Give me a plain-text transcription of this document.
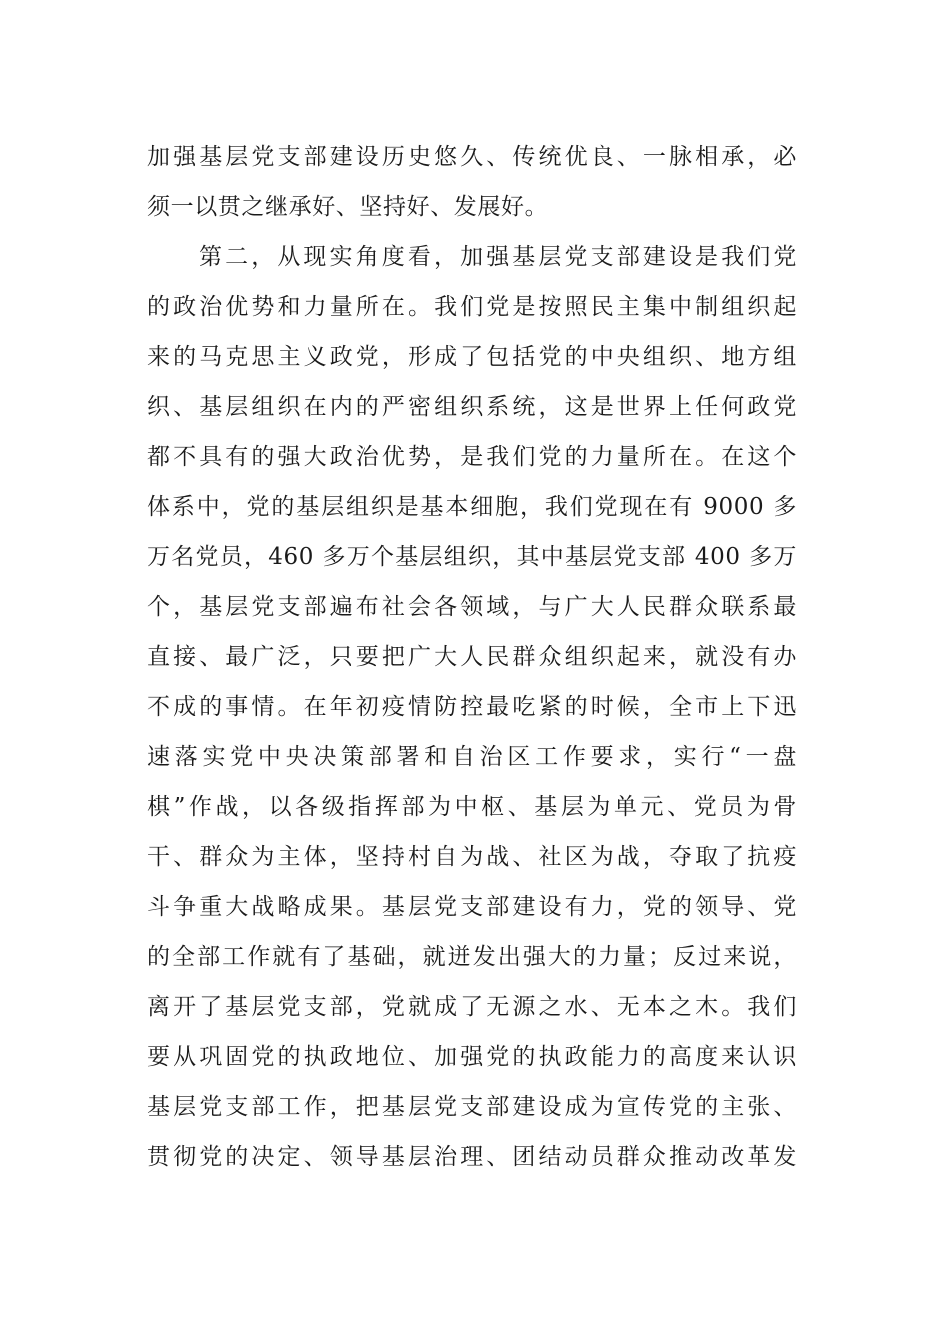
加强基层党支部建设历史悠久、传统优良、一脉相承，必
须一以贯之继承好、坚持好、发展好。
第二，从现实角度看，加强基层党支部建设是我们党
的政治优势和力量所在。我们党是按照民主集中制组织起
来的马克思主义政党，形成了包括党的中央组织、地方组
织、基层组织在内的严密组织系统，这是世界上任何政党
都不具有的强大政治优势，是我们党的力量所在。在这个
体系中，党的基层组织是基本细胞，我们党现在有 9000 多
万名党员，460 多万个基层组织，其中基层党支部 400 多万
个，基层党支部遍布社会各领域，与广大人民群众联系最
直接、最广泛，只要把广大人民群众组织起来，就没有办
不成的事情。在年初疫情防控最吃紧的时候，全市上下迅
速落实党中央决策部署和自治区工作要求，实行“一盘
棋”作战，以各级指挥部为中枢、基层为单元、党员为骨
干、群众为主体，坚持村自为战、社区为战，夺取了抗疫
斗争重大战略成果。基层党支部建设有力，党的领导、党
的全部工作就有了基础，就迸发出强大的力量；反过来说，
离开了基层党支部，党就成了无源之水、无本之木。我们
要从巩固党的执政地位、加强党的执政能力的高度来认识
基层党支部工作，把基层党支部建设成为宣传党的主张、
贯彻党的决定、领导基层治理、团结动员群众推动改革发
